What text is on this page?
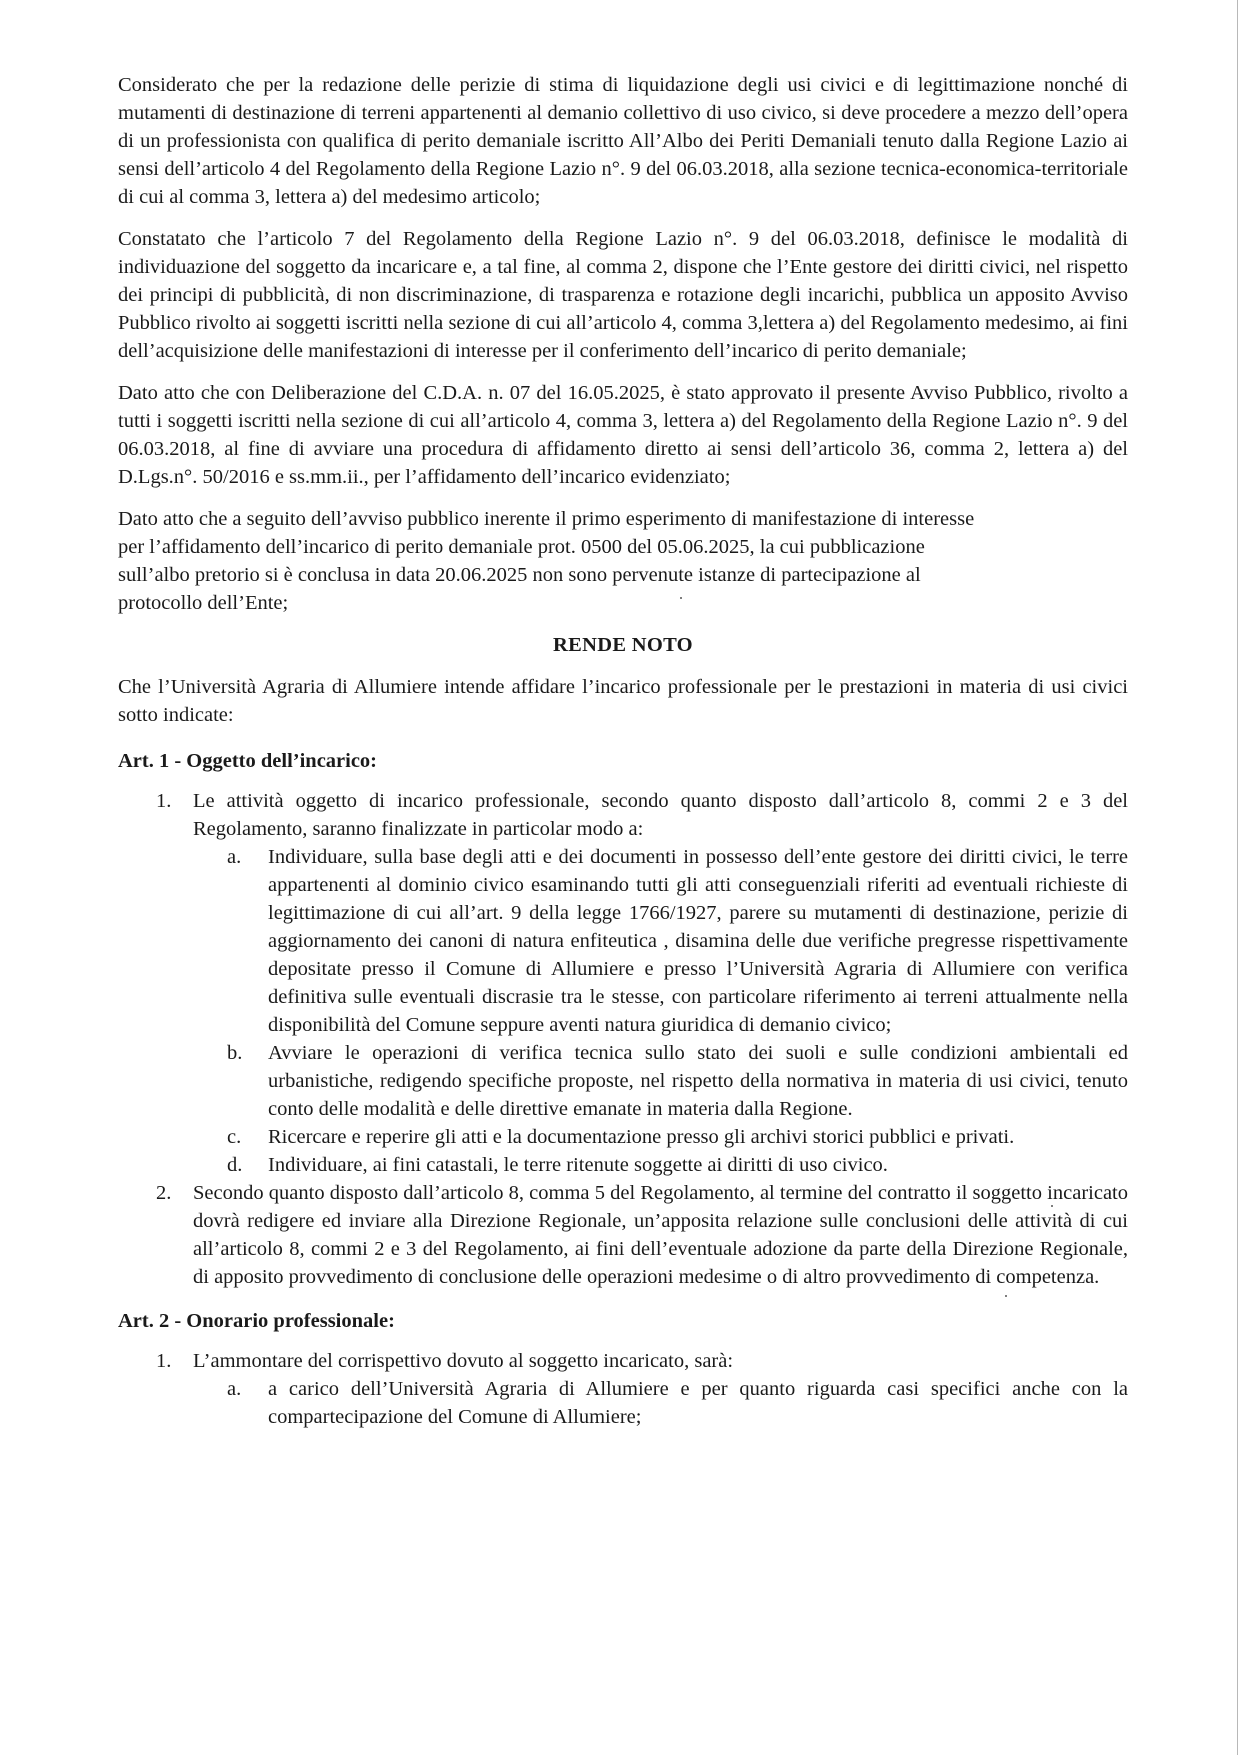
Considerato che per la redazione delle perizie di stima di liquidazione degli usi civici e di legittimazione nonché di mutamenti di destinazione di terreni appartenenti al demanio collettivo di uso civico, si deve procedere a mezzo dell’opera di un professionista con qualifica di perito demaniale iscritto All’Albo dei Periti Demaniali tenuto dalla Regione Lazio ai sensi dell’articolo 4 del Regolamento della Regione Lazio n°. 9 del 06.03.2018, alla sezione tecnica-economica-territoriale di cui al comma 3, lettera a) del medesimo articolo;

Constatato che l’articolo 7 del Regolamento della Regione Lazio n°. 9 del 06.03.2018, definisce le modalità di individuazione del soggetto da incaricare e, a tal fine, al comma 2, dispone che l’Ente gestore dei diritti civici, nel rispetto dei principi di pubblicità, di non discriminazione, di trasparenza e rotazione degli incarichi, pubblica un apposito Avviso Pubblico rivolto ai soggetti iscritti nella sezione di cui all’articolo 4, comma 3,lettera a) del Regolamento medesimo, ai fini dell’acquisizione delle manifestazioni di interesse per il conferimento dell’incarico di perito demaniale;

Dato atto che con Deliberazione del C.D.A. n. 07 del 16.05.2025, è stato approvato il presente Avviso Pubblico, rivolto a tutti i soggetti iscritti nella sezione di cui all’articolo 4, comma 3, lettera a) del Regolamento della Regione Lazio n°. 9 del 06.03.2018, al fine di avviare una procedura di affidamento diretto ai sensi dell’articolo 36, comma 2, lettera a) del D.Lgs.n°. 50/2016 e ss.mm.ii., per l’affidamento dell’incarico evidenziato;

Dato atto che a seguito dell’avviso pubblico inerente il primo esperimento di manifestazione di interesse per l’affidamento dell’incarico di perito demaniale prot. 0500 del 05.06.2025, la cui pubblicazione sull’albo pretorio si è conclusa in data 20.06.2025 non sono pervenute istanze di partecipazione al protocollo dell’Ente;

RENDE NOTO

Che l’Università Agraria di Allumiere intende affidare l’incarico professionale per le prestazioni in materia di usi civici sotto indicate:

Art. 1 - Oggetto dell’incarico:
1. Le attività oggetto di incarico professionale, secondo quanto disposto dall’articolo 8, commi 2 e 3 del Regolamento, saranno finalizzate in particolar modo a:
a. Individuare, sulla base degli atti e dei documenti in possesso dell’ente gestore dei diritti civici, le terre appartenenti al dominio civico esaminando tutti gli atti conseguenziali riferiti ad eventuali richieste di legittimazione di cui all’art. 9 della legge 1766/1927, parere su mutamenti di destinazione, perizie di aggiornamento dei canoni di natura enfiteutica , disamina delle due verifiche pregresse rispettivamente depositate presso il Comune di Allumiere e presso l’Università Agraria di Allumiere con verifica definitiva sulle eventuali discrasie tra le stesse, con particolare riferimento ai terreni attualmente nella disponibilità del Comune seppure aventi natura giuridica di demanio civico;
b. Avviare le operazioni di verifica tecnica sullo stato dei suoli e sulle condizioni ambientali ed urbanistiche, redigendo specifiche proposte, nel rispetto della normativa in materia di usi civici, tenuto conto delle modalità e delle direttive emanate in materia dalla Regione.
c. Ricercare e reperire gli atti e la documentazione presso gli archivi storici pubblici e privati.
d. Individuare, ai fini catastali, le terre ritenute soggette ai diritti di uso civico.
2. Secondo quanto disposto dall’articolo 8, comma 5 del Regolamento, al termine del contratto il soggetto incaricato dovrà redigere ed inviare alla Direzione Regionale, un’apposita relazione sulle conclusioni delle attività di cui all’articolo 8, commi 2 e 3 del Regolamento, ai fini dell’eventuale adozione da parte della Direzione Regionale, di apposito provvedimento di conclusione delle operazioni medesime o di altro provvedimento di competenza.
Art. 2 - Onorario professionale:
1. L’ammontare del corrispettivo dovuto al soggetto incaricato, sarà:
a. a carico dell’Università Agraria di Allumiere e per quanto riguarda casi specifici anche con la compartecipazione del Comune di Allumiere;
